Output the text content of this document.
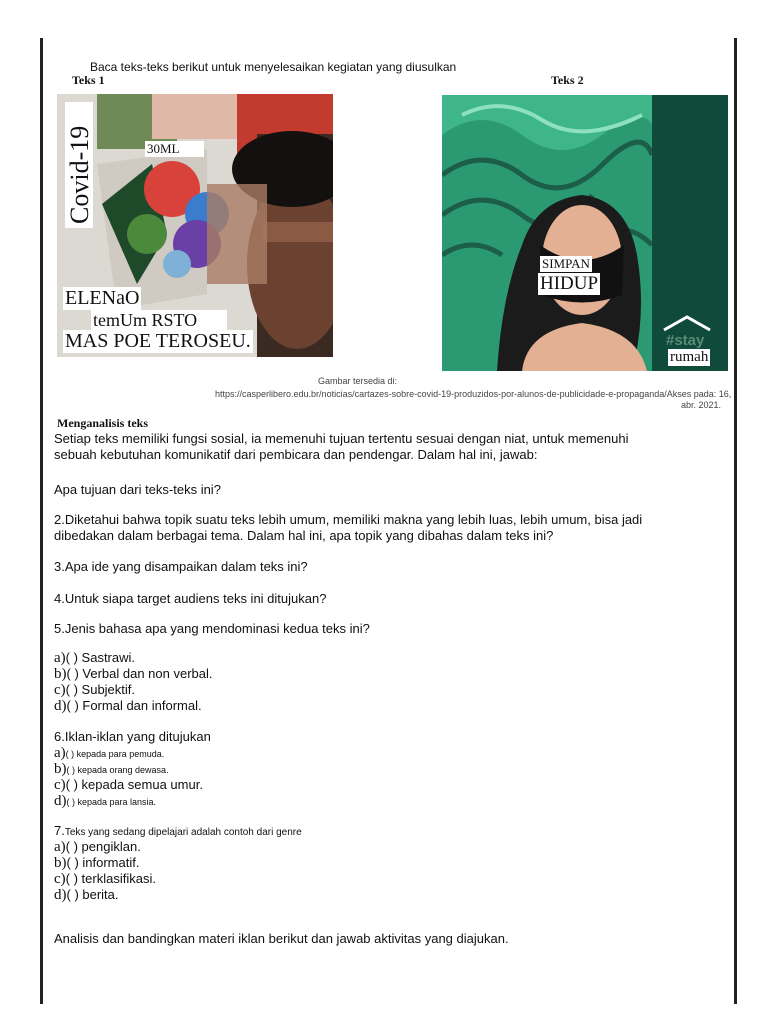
Baca teks-teks berikut untuk menyelesaikan kegiatan yang diusulkan
Teks 1	Teks 2
Covid-19	30ML
ELENaO
temUm RSTO
MAS POE TEROSEU.
SIMPAN
HIDUP
#stay
rumah
Gambar tersedia di:
https://casperlibero.edu.br/noticias/cartazes-sobre-covid-19-produzidos-por-alunos-de-publicidade-e-propaganda/Akses pada: 16,
abr. 2021.
Menganalisis teks
Setiap teks memiliki fungsi sosial, ia memenuhi tujuan tertentu sesuai dengan niat, untuk memenuhi
sebuah kebutuhan komunikatif dari pembicara dan pendengar. Dalam hal ini, jawab:
Apa tujuan dari teks-teks ini?
2.Diketahui bahwa topik suatu teks lebih umum, memiliki makna yang lebih luas, lebih umum, bisa jadi
dibedakan dalam berbagai tema. Dalam hal ini, apa topik yang dibahas dalam teks ini?
3.Apa ide yang disampaikan dalam teks ini?
4.Untuk siapa target audiens teks ini ditujukan?
5.Jenis bahasa apa yang mendominasi kedua teks ini?
a)( ) Sastrawi.
b)( ) Verbal dan non verbal.
c)( ) Subjektif.
d)( ) Formal dan informal.
6.Iklan-iklan yang ditujukan
a)( ) kepada para pemuda.
b)( ) kepada orang dewasa.
c)( ) kepada semua umur.
d)( ) kepada para lansia.
7.Teks yang sedang dipelajari adalah contoh dari genre
a)( ) pengiklan.
b)( ) informatif.
c)( ) terklasifikasi.
d)( ) berita.
Analisis dan bandingkan materi iklan berikut dan jawab aktivitas yang diajukan.
